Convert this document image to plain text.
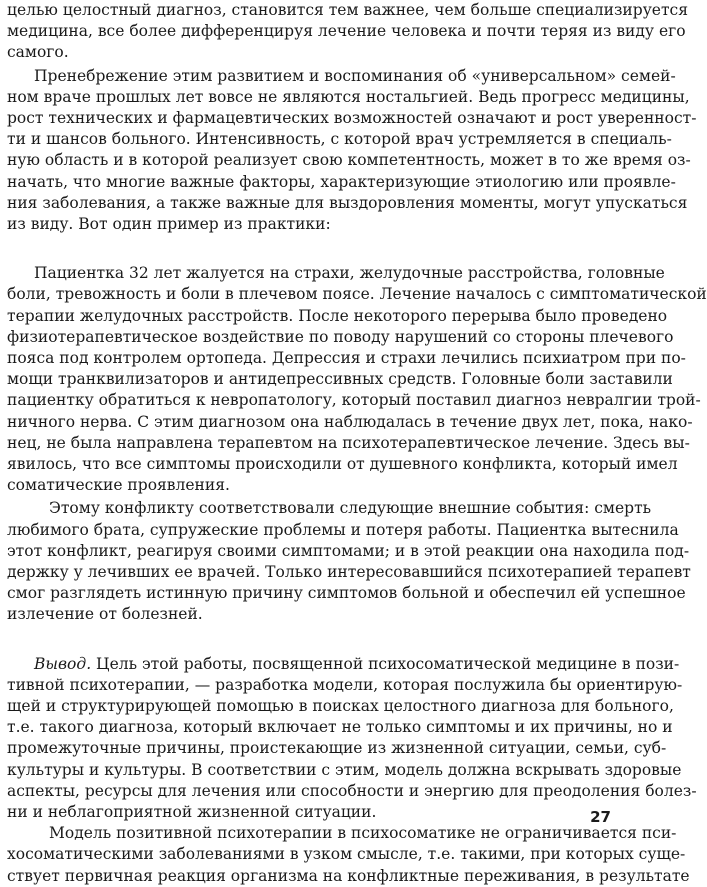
целью целостный диагноз, становится тем важнее, чем больше специализируется
медицина, все более дифференцируя лечение человека и почти теряя из виду его
самого.
Пренебрежение этим развитием и воспоминания об «универсальном» семей-
ном враче прошлых лет вовсе не являются ностальгией. Ведь прогресс медицины,
рост технических и фармацевтических возможностей означают и рост уверенност-
ти и шансов больного. Интенсивность, с которой врач устремляется в специаль-
ную область и в которой реализует свою компетентность, может в то же время оз-
начать, что многие важные факторы, характеризующие этиологию или проявле-
ния заболевания, а также важные для выздоровления моменты, могут упускаться
из виду. Вот один пример из практики:
Пациентка 32 лет жалуется на страхи, желудочные расстройства, головные
боли, тревожность и боли в плечевом поясе. Лечение началось с симптоматической
терапии желудочных расстройств. После некоторого перерыва было проведено
физиотерапевтическое воздействие по поводу нарушений со стороны плечевого
пояса под контролем ортопеда. Депрессия и страхи лечились психиатром при по-
мощи транквилизаторов и антидепрессивных средств. Головные боли заставили
пациентку обратиться к невропатологу, который поставил диагноз невралгии трой-
ничного нерва. С этим диагнозом она наблюдалась в течение двух лет, пока, нако-
нец, не была направлена терапевтом на психотерапевтическое лечение. Здесь вы-
явилось, что все симптомы происходили от душевного конфликта, который имел
соматические проявления.
Этому конфликту соответствовали следующие внешние события: смерть
любимого брата, супружеские проблемы и потеря работы. Пациентка вытеснила
этот конфликт, реагируя своими симптомами; и в этой реакции она находила под-
держку у лечивших ее врачей. Только интересовавшийся психотерапией терапевт
смог разглядеть истинную причину симптомов больной и обеспечил ей успешное
излечение от болезней.
Вывод. Цель этой работы, посвященной психосоматической медицине в пози-
тивной психотерапии, — разработка модели, которая послужила бы ориентирую-
щей и структурирующей помощью в поисках целостного диагноза для больного,
т.е. такого диагноза, который включает не только симптомы и их причины, но и
промежуточные причины, проистекающие из жизненной ситуации, семьи, суб-
культуры и культуры. В соответствии с этим, модель должна вскрывать здоровые
аспекты, ресурсы для лечения или способности и энергию для преодоления болез-
ни и неблагоприятной жизненной ситуации.
Модель позитивной психотерапии в психосоматике не ограничивается пси-
хосоматическими заболеваниями в узком смысле, т.е. такими, при которых суще-
ствует первичная реакция организма на конфликтные переживания, в результате
27
